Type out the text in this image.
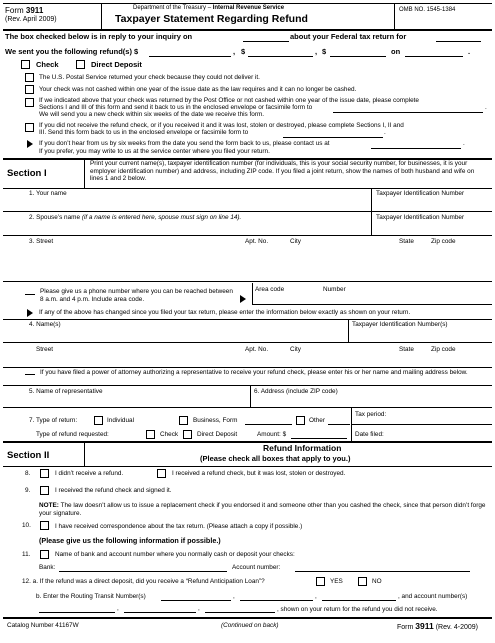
Form 3911
(Rev. April 2009)
Department of the Treasury – Internal Revenue Service
Taxpayer Statement Regarding Refund
OMB NO. 1545-1384
The box checked below is in reply to your inquiry on	about your Federal tax return for
We sent you the following refund(s) $	, $	, $	on	.
Check	Direct Deposit
The U.S. Postal Service returned your check because they could not deliver it.
Your check was not cashed within one year of the issue date as the law requires and it can no longer be cashed.
If we indicated above that your check was returned by the Post Office or not cashed within one year of the issue date, please complete
Sections I and III of this form and send it back to us in the enclosed envelope or facsimile form to	.
We will send you a new check within six weeks of the date we receive this form.
If you did not receive the refund check, or if you received it and it was lost, stolen or destroyed, please complete Sections I, II and
III. Send this form back to us in the enclosed envelope or facsimile form to	.
If you don’t hear from us by six weeks from the date you send the form back to us, please contact us at	.
If you prefer, you may write to us at the service center where you filed your return.
Section I
Print your current name(s), taxpayer identification number (for individuals, this is your social security number, for businesses, it is your employer identification number) and address, including ZIP code. If you filed a joint return, show the names of both husband and wife on lines 1 and 2 below.
1. Your name	Taxpayer Identification Number
2. Spouse’s name (if a name is entered here, spouse must sign on line 14).	Taxpayer Identification Number
3. Street	Apt. No.	City	State	Zip code
Please give us a phone number where you can be reached between 8 a.m. and 4 p.m. Include area code.
Area code	Number
If any of the above has changed since you filed your tax return, please enter the information below exactly as shown on your return.
4. Name(s)	Taxpayer Identification Number(s)
Street	Apt. No.	City	State	Zip code
If you have filed a power of attorney authorizing a representative to receive your refund check, please enter his or her name and mailing address below.
5. Name of representative	6. Address (include ZIP code)
7. Type of return:	Individual	Business, Form	Other
Tax period:
Type of refund requested:	Check	Direct Deposit	Amount: $	Date filed:
Section II
Refund Information
(Please check all boxes that apply to you.)
8.	I didn’t receive a refund.	I received a refund check, but it was lost, stolen or destroyed.
9.	I received the refund check and signed it.
NOTE: The law doesn’t allow us to issue a replacement check if you endorsed it and someone other than you cashed the check, since that person didn’t forge your signature.
10.	I have received correspondence about the tax return. (Please attach a copy if possible.)
(Please give us the following information if possible.)
11.	Name of bank and account number where you normally cash or deposit your checks:
Bank:	Account number:
12. a. If the refund was a direct deposit, did you receive a “Refund Anticipation Loan”?	YES	NO
b. Enter the Routing Transit Number(s)	,	,	, and account number(s)
,	,	, shown on your return for the refund you did not receive.
Catalog Number 41167W	(Continued on back)	Form 3911 (Rev. 4-2009)
